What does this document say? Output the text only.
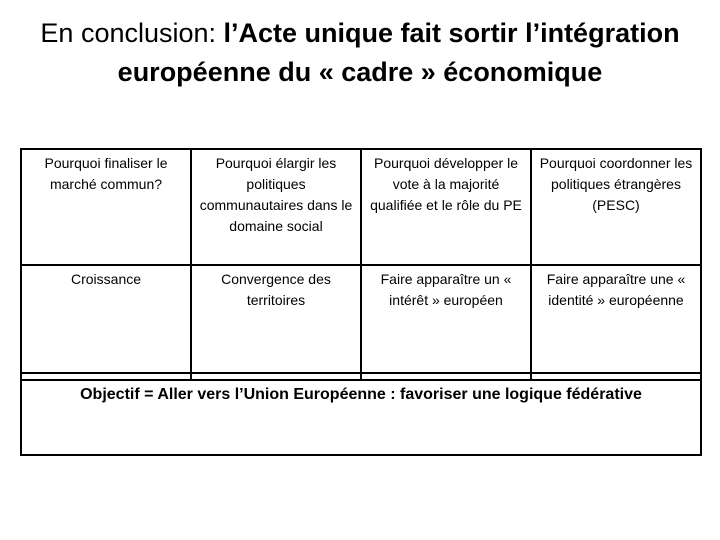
En conclusion: l’Acte unique fait sortir l’intégration européenne du « cadre » économique
Pourquoi finaliser le marché commun?	Pourquoi élargir les politiques communautaires dans le domaine social	Pourquoi développer le vote à la majorité qualifiée et le rôle du PE	Pourquoi coordonner les politiques étrangères (PESC)
Croissance	Convergence des territoires	Faire apparaître un « intérêt » européen	Faire apparaître une « identité » européenne
Objectif = Aller vers l’Union Européenne : favoriser une logique fédérative
